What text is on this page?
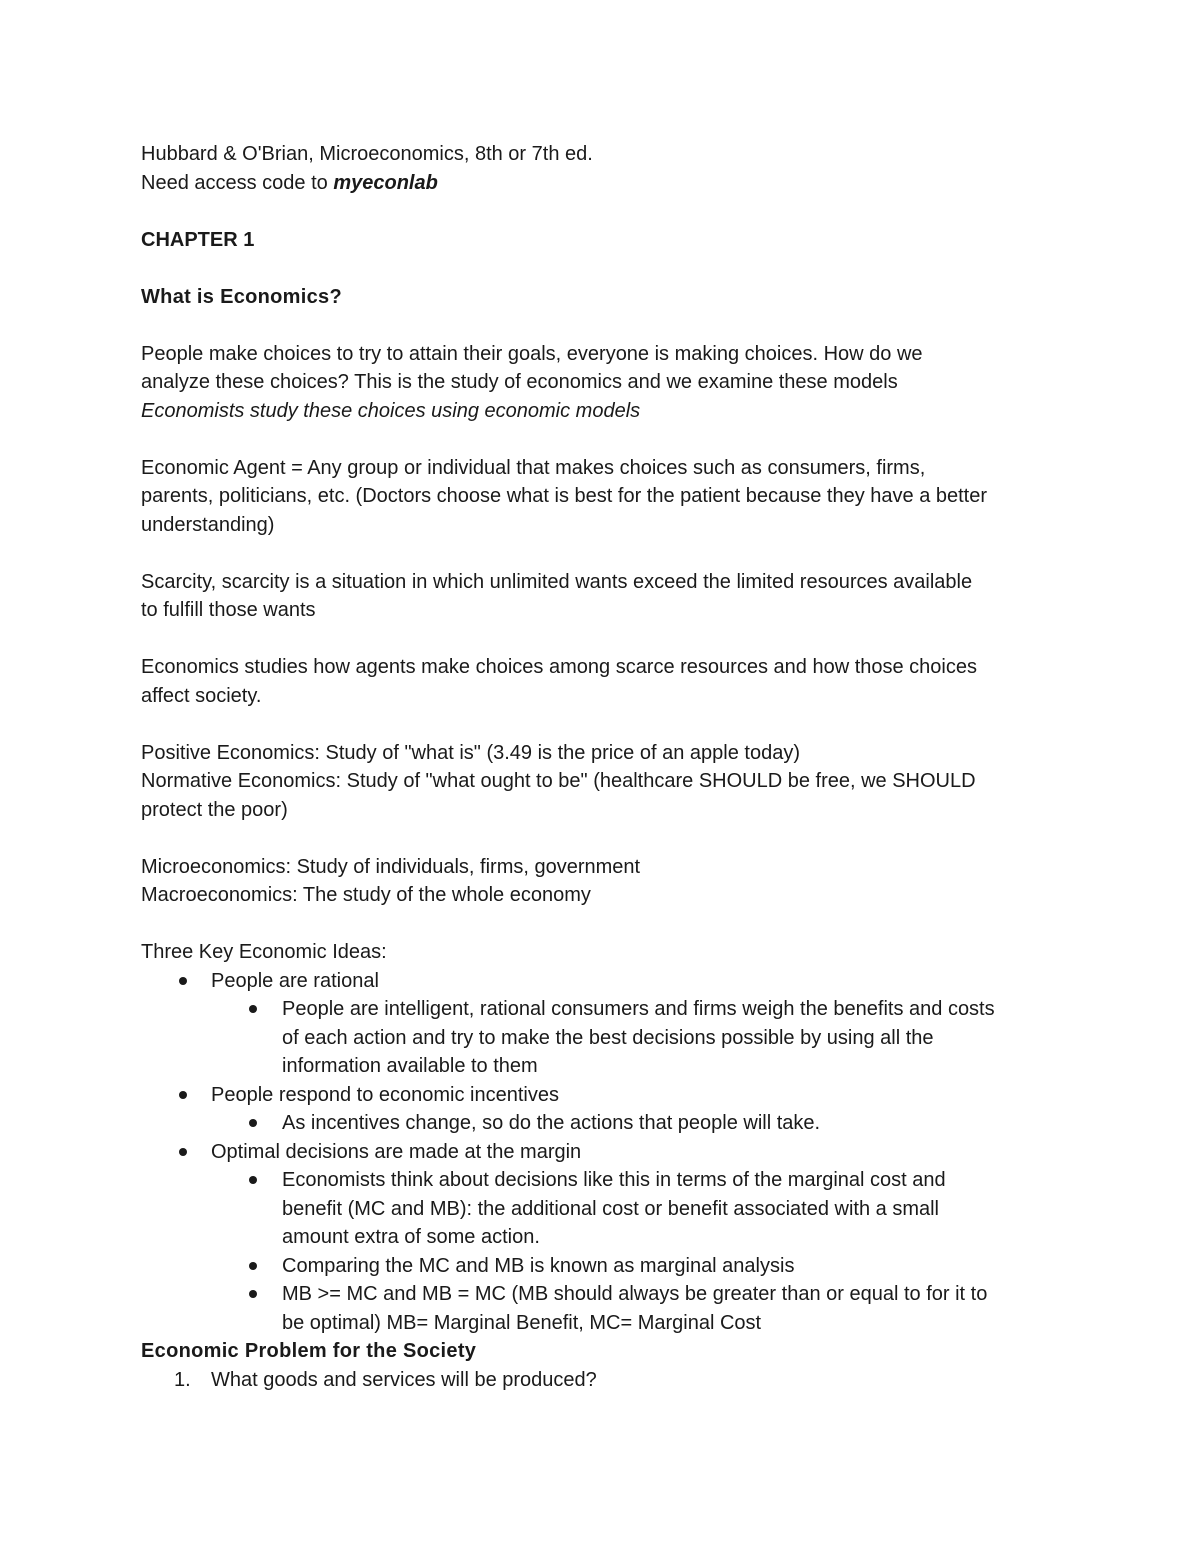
Hubbard & O'Brian, Microeconomics, 8th or 7th ed.

Need access code to myeconlab

CHAPTER 1

What is Economics?

People make choices to try to attain their goals, everyone is making choices. How do we

analyze these choices? This is the study of economics and we examine these models

Economists study these choices using economic models

Economic Agent = Any group or individual that makes choices such as consumers, firms,

parents, politicians, etc. (Doctors choose what is best for the patient because they have a better

understanding)

Scarcity, scarcity is a situation in which unlimited wants exceed the limited resources available

to fulfill those wants

Economics studies how agents make choices among scarce resources and how those choices

affect society.

Positive Economics: Study of "what is" (3.49 is the price of an apple today)

Normative Economics: Study of "what ought to be" (healthcare SHOULD be free, we SHOULD

protect the poor)

Microeconomics: Study of individuals, firms, government

Macroeconomics: The study of the whole economy

Three Key Economic Ideas:

People are rational
People are intelligent, rational consumers and firms weigh the benefits and costs
of each action and try to make the best decisions possible by using all the
information available to them
People respond to economic incentives
As incentives change, so do the actions that people will take.
Optimal decisions are made at the margin
Economists think about decisions like this in terms of the marginal cost and
benefit (MC and MB): the additional cost or benefit associated with a small
amount extra of some action.
Comparing the MC and MB is known as marginal analysis
MB >= MC and MB = MC (MB should always be greater than or equal to for it to
be optimal) MB= Marginal Benefit, MC= Marginal Cost

Economic Problem for the Society

1. What goods and services will be produced?
